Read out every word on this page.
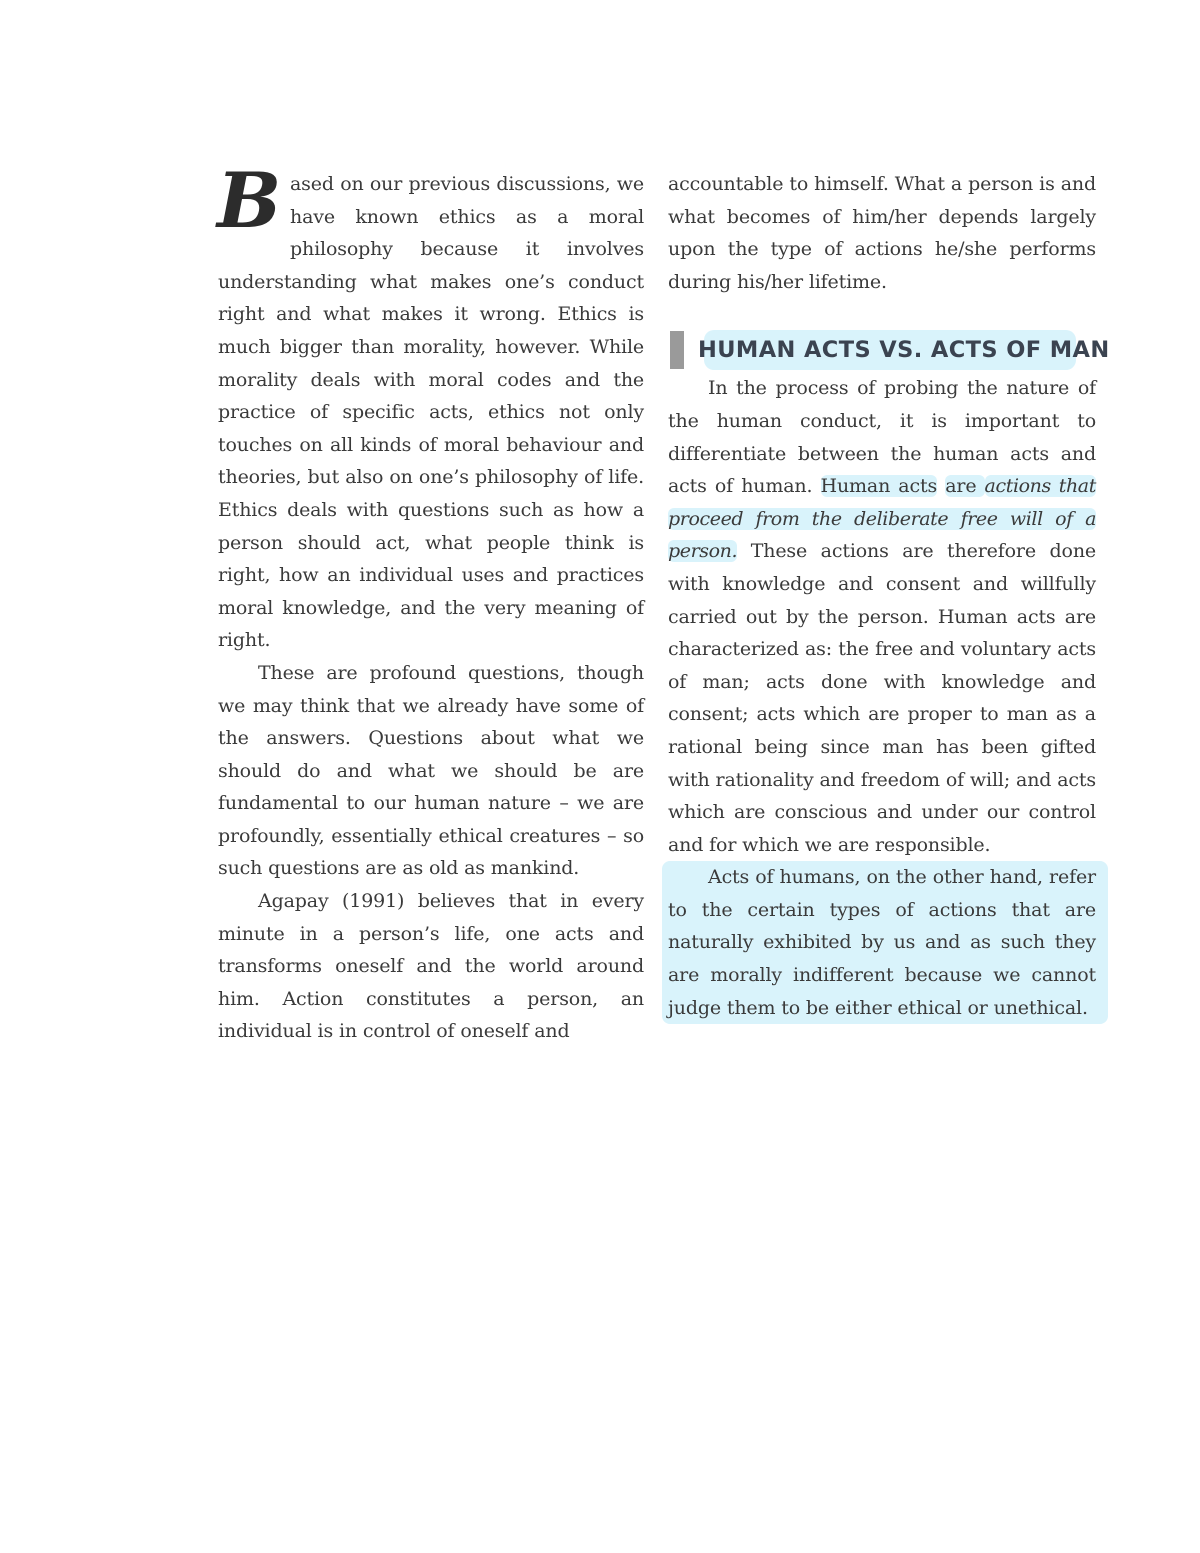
Based on our previous discussions, we have known ethics as a moral philosophy because it involves understanding what makes one’s conduct right and what makes it wrong. Ethics is much bigger than morality, however. While morality deals with moral codes and the practice of specific acts, ethics not only touches on all kinds of moral behaviour and theories, but also on one’s philosophy of life. Ethics deals with questions such as how a person should act, what people think is right, how an individual uses and practices moral knowledge, and the very meaning of right.

These are profound questions, though we may think that we already have some of the answers. Questions about what we should do and what we should be are fundamental to our human nature – we are profoundly, essentially ethical creatures – so such questions are as old as mankind.

Agapay (1991) believes that in every minute in a person’s life, one acts and transforms oneself and the world around him. Action constitutes a person, an individual is in control of oneself and

accountable to himself. What a person is and what becomes of him/her depends largely upon the type of actions he/she performs during his/her lifetime.

HUMAN ACTS VS. ACTS OF MAN

In the process of probing the nature of the human conduct, it is important to differentiate between the human acts and acts of human. Human acts are actions that proceed from the deliberate free will of a person. These actions are therefore done with knowledge and consent and willfully carried out by the person. Human acts are characterized as: the free and voluntary acts of man; acts done with knowledge and consent; acts which are proper to man as a rational being since man has been gifted with rationality and freedom of will; and acts which are conscious and under our control and for which we are responsible.

Acts of humans, on the other hand, refer to the certain types of actions that are naturally exhibited by us and as such they are morally indifferent because we cannot judge them to be either ethical or unethical.
